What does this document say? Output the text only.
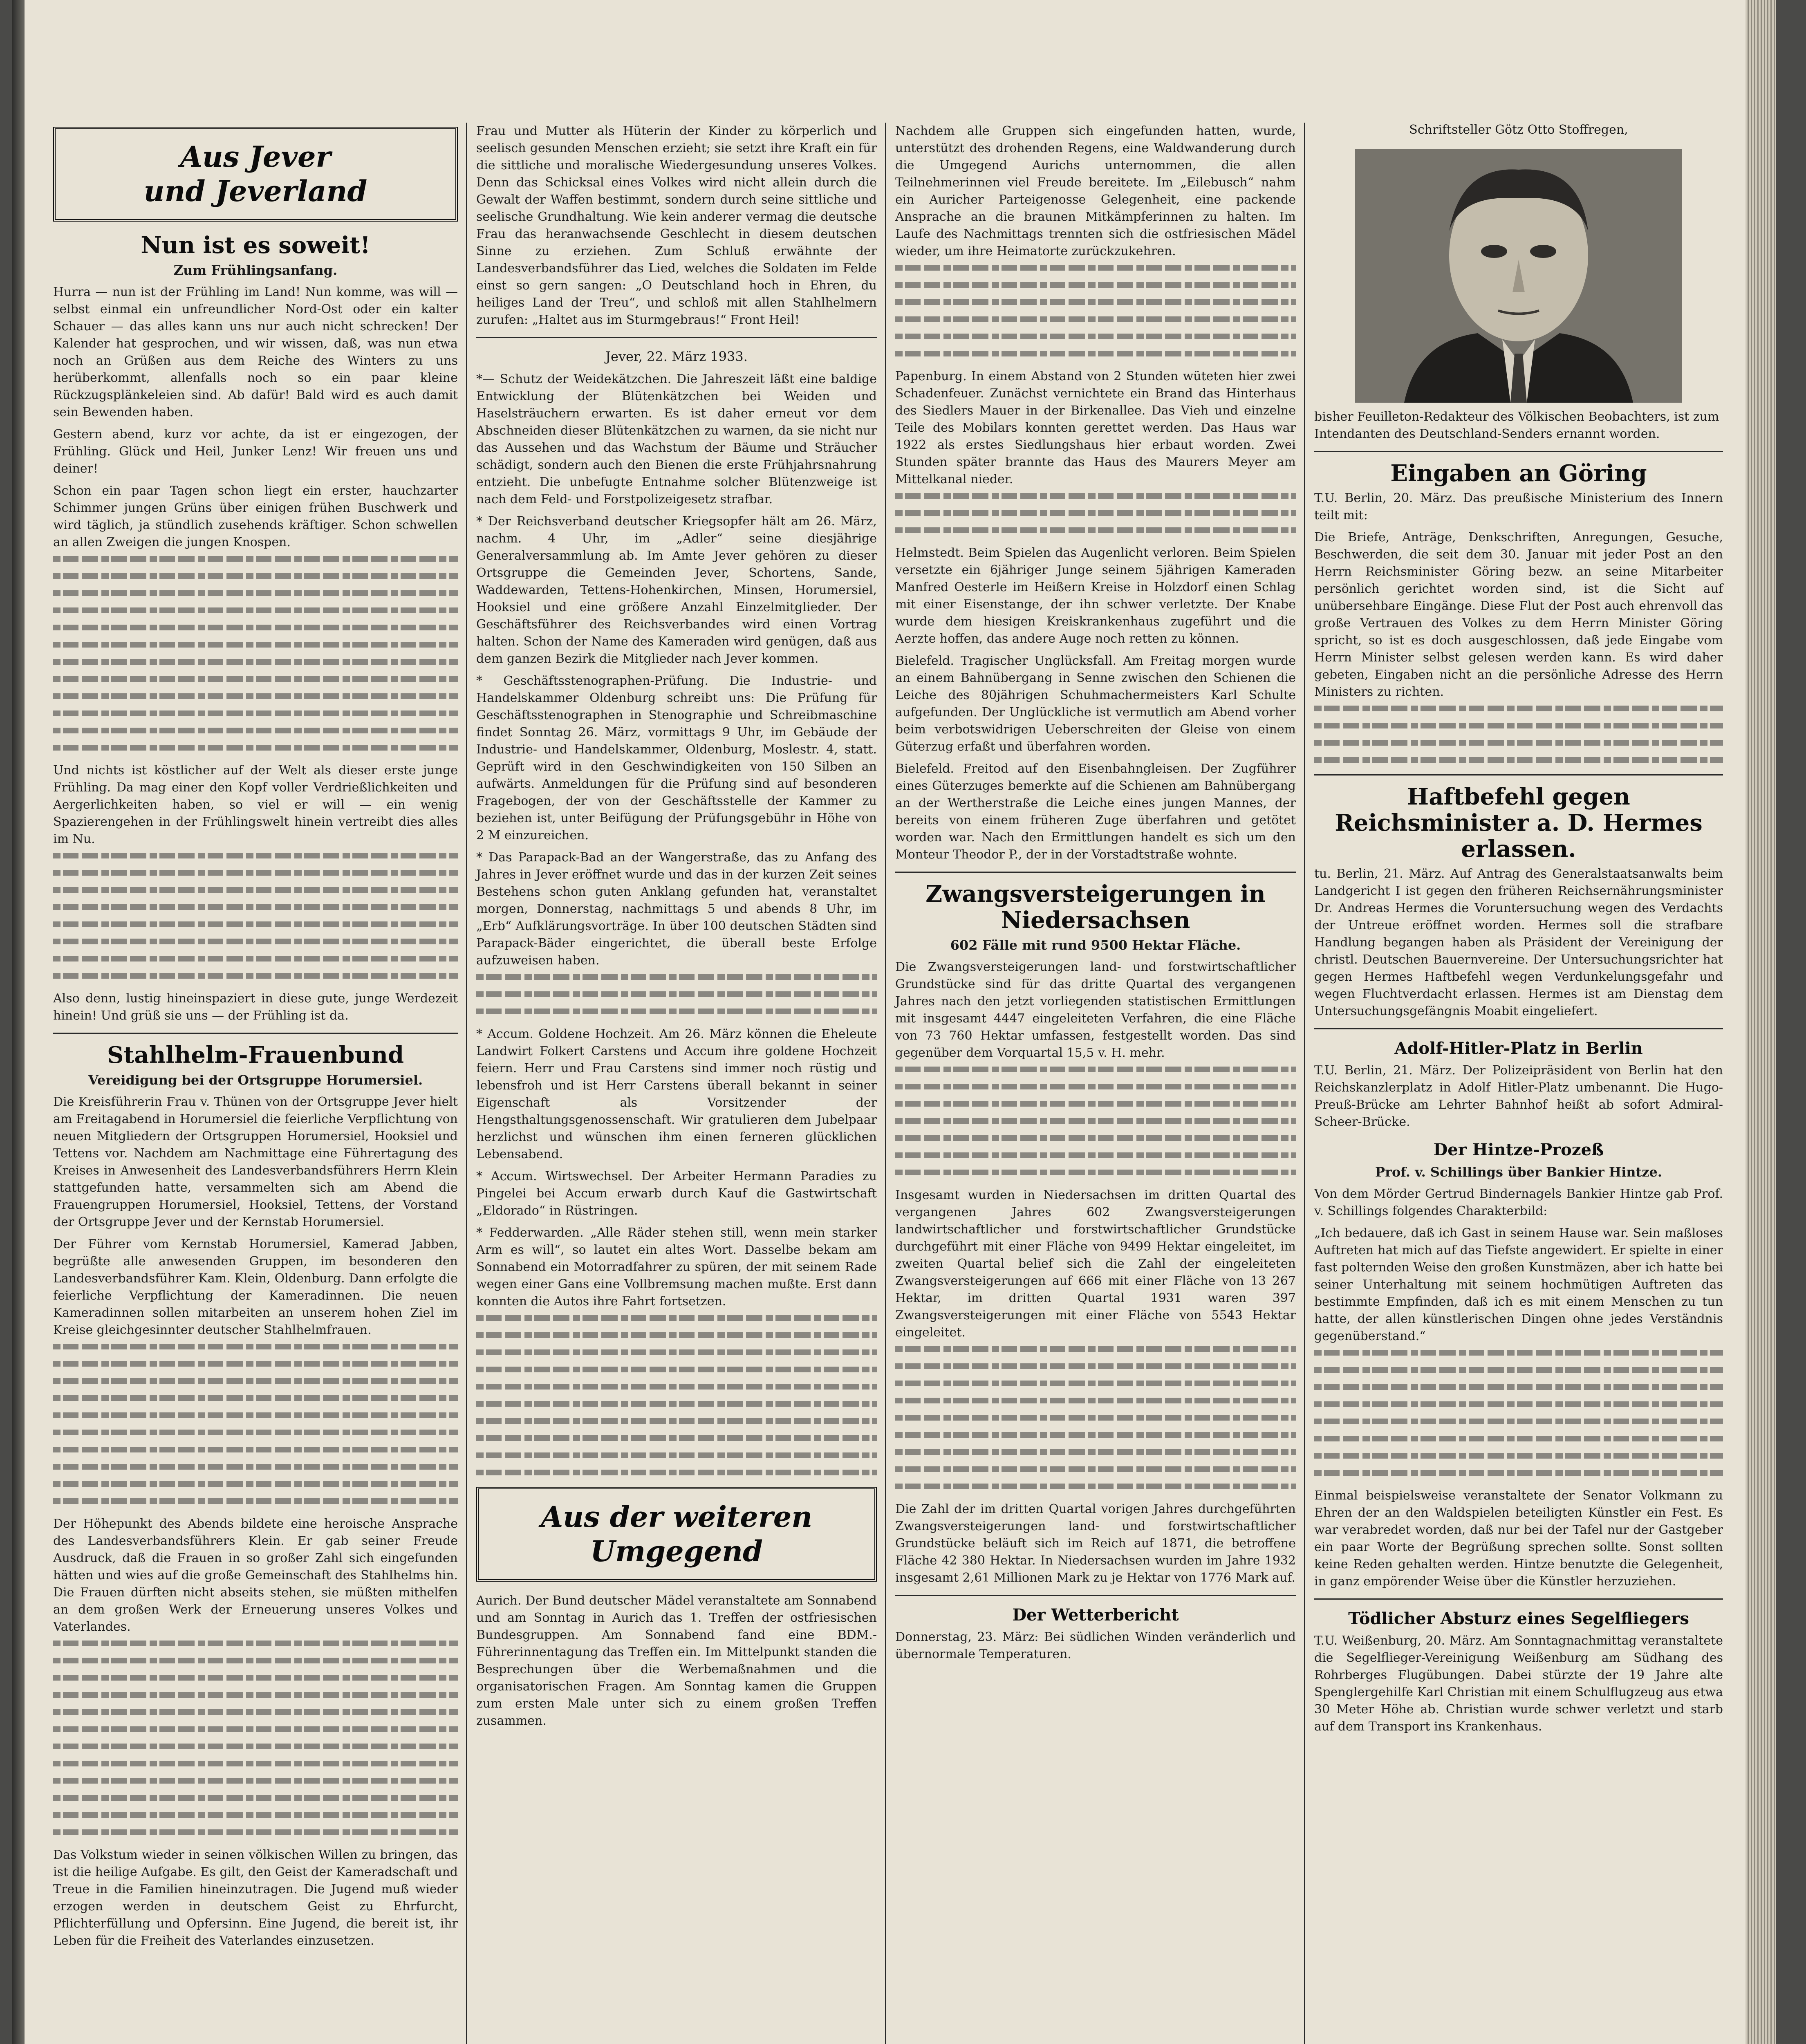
Aus Jever
und Jeverland
Nun ist es soweit!
Zum Frühlingsanfang.

Hurra — nun ist der Frühling im Land! Nun komme, was will — selbst einmal ein unfreundlicher Nord-Ost oder ein kalter Schauer — das alles kann uns nur auch nicht schrecken! Der Kalender hat gesprochen, und wir wissen, daß, was nun etwa noch an Grüßen aus dem Reiche des Winters zu uns herüberkommt, allenfalls noch so ein paar kleine Rückzugsplänkeleien sind. Ab dafür! Bald wird es auch damit sein Bewenden haben.

Gestern abend, kurz vor achte, da ist er eingezogen, der Frühling. Glück und Heil, Junker Lenz! Wir freuen uns und deiner!

Schon ein paar Tagen schon liegt ein erster, hauchzarter Schimmer jungen Grüns über einigen frühen Buschwerk und wird täglich, ja stündlich zusehends kräftiger. Schon schwellen an allen Zweigen die jungen Knospen.

Und nichts ist köstlicher auf der Welt als dieser erste junge Frühling. Da mag einer den Kopf voller Verdrießlichkeiten und Aergerlichkeiten haben, so viel er will — ein wenig Spazierengehen in der Frühlingswelt hinein vertreibt dies alles im Nu.

Also denn, lustig hineinspaziert in diese gute, junge Werdezeit hinein! Und grüß sie uns — der Frühling ist da.

Stahlhelm-Frauenbund
Vereidigung bei der Ortsgruppe Horumersiel.

Die Kreisführerin Frau v. Thünen von der Ortsgruppe Jever hielt am Freitagabend in Horumersiel die feierliche Verpflichtung von neuen Mitgliedern der Ortsgruppen Horumersiel, Hooksiel und Tettens vor. Nachdem am Nachmittage eine Führertagung des Kreises in Anwesenheit des Landesverbandsführers Herrn Klein stattgefunden hatte, versammelten sich am Abend die Frauengruppen Horumersiel, Hooksiel, Tettens, der Vorstand der Ortsgruppe Jever und der Kernstab Horumersiel.

Der Führer vom Kernstab Horumersiel, Kamerad Jabben, begrüßte alle anwesenden Gruppen, im besonderen den Landesverbandsführer Kam. Klein, Oldenburg. Dann erfolgte die feierliche Verpflichtung der Kameradinnen. Die neuen Kameradinnen sollen mitarbeiten an unserem hohen Ziel im Kreise gleichgesinnter deutscher Stahlhelmfrauen.

Der Höhepunkt des Abends bildete eine heroische Ansprache des Landesverbandsführers Klein. Er gab seiner Freude Ausdruck, daß die Frauen in so großer Zahl sich eingefunden hätten und wies auf die große Gemeinschaft des Stahlhelms hin. Die Frauen dürften nicht abseits stehen, sie müßten mithelfen an dem großen Werk der Erneuerung unseres Volkes und Vaterlandes.

Das Volkstum wieder in seinen völkischen Willen zu bringen, das ist die heilige Aufgabe. Es gilt, den Geist der Kameradschaft und Treue in die Familien hineinzutragen. Die Jugend muß wieder erzogen werden in deutschem Geist zu Ehrfurcht, Pflichterfüllung und Opfersinn. Eine Jugend, die bereit ist, ihr Leben für die Freiheit des Vaterlandes einzusetzen.

Frau und Mutter als Hüterin der Kinder zu körperlich und seelisch gesunden Menschen erzieht; sie setzt ihre Kraft ein für die sittliche und moralische Wiedergesundung unseres Volkes. Denn das Schicksal eines Volkes wird nicht allein durch die Gewalt der Waffen bestimmt, sondern durch seine sittliche und seelische Grundhaltung. Wie kein anderer vermag die deutsche Frau das heranwachsende Geschlecht in diesem deutschen Sinne zu erziehen. Zum Schluß erwähnte der Landesverbandsführer das Lied, welches die Soldaten im Felde einst so gern sangen: „O Deutschland hoch in Ehren, du heiliges Land der Treu“, und schloß mit allen Stahlhelmern zurufen: „Haltet aus im Sturmgebraus!“ Front Heil!

Jever, 22. März 1933.

*— Schutz der Weidekätzchen. Die Jahreszeit läßt eine baldige Entwicklung der Blütenkätzchen bei Weiden und Haselsträuchern erwarten. Es ist daher erneut vor dem Abschneiden dieser Blütenkätzchen zu warnen, da sie nicht nur das Aussehen und das Wachstum der Bäume und Sträucher schädigt, sondern auch den Bienen die erste Frühjahrsnahrung entzieht. Die unbefugte Entnahme solcher Blütenzweige ist nach dem Feld- und Forstpolizeigesetz strafbar.

* Der Reichsverband deutscher Kriegsopfer hält am 26. März, nachm. 4 Uhr, im „Adler“ seine diesjährige Generalversammlung ab. Im Amte Jever gehören zu dieser Ortsgruppe die Gemeinden Jever, Schortens, Sande, Waddewarden, Tettens-Hohenkirchen, Minsen, Horumersiel, Hooksiel und eine größere Anzahl Einzelmitglieder. Der Geschäftsführer des Reichsverbandes wird einen Vortrag halten. Schon der Name des Kameraden wird genügen, daß aus dem ganzen Bezirk die Mitglieder nach Jever kommen.

* Geschäftsstenographen-Prüfung. Die Industrie- und Handelskammer Oldenburg schreibt uns: Die Prüfung für Geschäftsstenographen in Stenographie und Schreibmaschine findet Sonntag 26. März, vormittags 9 Uhr, im Gebäude der Industrie- und Handelskammer, Oldenburg, Moslestr. 4, statt. Geprüft wird in den Geschwindigkeiten von 150 Silben an aufwärts. Anmeldungen für die Prüfung sind auf besonderen Fragebogen, der von der Geschäftsstelle der Kammer zu beziehen ist, unter Beifügung der Prüfungsgebühr in Höhe von 2 M einzureichen.

* Das Parapack-Bad an der Wangerstraße, das zu Anfang des Jahres in Jever eröffnet wurde und das in der kurzen Zeit seines Bestehens schon guten Anklang gefunden hat, veranstaltet morgen, Donnerstag, nachmittags 5 und abends 8 Uhr, im „Erb“ Aufklärungsvorträge. In über 100 deutschen Städten sind Parapack-Bäder eingerichtet, die überall beste Erfolge aufzuweisen haben.

* Accum. Goldene Hochzeit. Am 26. März können die Eheleute Landwirt Folkert Carstens und Accum ihre goldene Hochzeit feiern. Herr und Frau Carstens sind immer noch rüstig und lebensfroh und ist Herr Carstens überall bekannt in seiner Eigenschaft als Vorsitzender der Hengsthaltungsgenossenschaft. Wir gratulieren dem Jubelpaar herzlichst und wünschen ihm einen ferneren glücklichen Lebensabend.

* Accum. Wirtswechsel. Der Arbeiter Hermann Paradies zu Pingelei bei Accum erwarb durch Kauf die Gastwirtschaft „Eldorado“ in Rüstringen.

* Fedderwarden. „Alle Räder stehen still, wenn mein starker Arm es will“, so lautet ein altes Wort. Dasselbe bekam am Sonnabend ein Motorradfahrer zu spüren, der mit seinem Rade wegen einer Gans eine Vollbremsung machen mußte. Erst dann konnten die Autos ihre Fahrt fortsetzen.

Aus der weiteren
Umgegend

Aurich. Der Bund deutscher Mädel veranstaltete am Sonnabend und am Sonntag in Aurich das 1. Treffen der ostfriesischen Bundesgruppen. Am Sonnabend fand eine BDM.-Führerinnentagung das Treffen ein. Im Mittelpunkt standen die Besprechungen über die Werbemaßnahmen und die organisatorischen Fragen. Am Sonntag kamen die Gruppen zum ersten Male unter sich zu einem großen Treffen zusammen.

Nachdem alle Gruppen sich eingefunden hatten, wurde, unterstützt des drohenden Regens, eine Waldwanderung durch die Umgegend Aurichs unternommen, die allen Teilnehmerinnen viel Freude bereitete. Im „Eilebusch“ nahm ein Auricher Parteigenosse Gelegenheit, eine packende Ansprache an die braunen Mitkämpferinnen zu halten. Im Laufe des Nachmittags trennten sich die ostfriesischen Mädel wieder, um ihre Heimatorte zurückzukehren.

Papenburg. In einem Abstand von 2 Stunden wüteten hier zwei Schadenfeuer. Zunächst vernichtete ein Brand das Hinterhaus des Siedlers Mauer in der Birkenallee. Das Vieh und einzelne Teile des Mobilars konnten gerettet werden. Das Haus war 1922 als erstes Siedlungshaus hier erbaut worden. Zwei Stunden später brannte das Haus des Maurers Meyer am Mittelkanal nieder.

Helmstedt. Beim Spielen das Augenlicht verloren. Beim Spielen versetzte ein 6jähriger Junge seinem 5jährigen Kameraden Manfred Oesterle im Heißern Kreise in Holzdorf einen Schlag mit einer Eisenstange, der ihn schwer verletzte. Der Knabe wurde dem hiesigen Kreiskrankenhaus zugeführt und die Aerzte hoffen, das andere Auge noch retten zu können.

Bielefeld. Tragischer Unglücksfall. Am Freitag morgen wurde an einem Bahnübergang in Senne zwischen den Schienen die Leiche des 80jährigen Schuhmachermeisters Karl Schulte aufgefunden. Der Unglückliche ist vermutlich am Abend vorher beim verbotswidrigen Ueberschreiten der Gleise von einem Güterzug erfaßt und überfahren worden.

Bielefeld. Freitod auf den Eisenbahngleisen. Der Zugführer eines Güterzuges bemerkte auf die Schienen am Bahnübergang an der Wertherstraße die Leiche eines jungen Mannes, der bereits von einem früheren Zuge überfahren und getötet worden war. Nach den Ermittlungen handelt es sich um den Monteur Theodor P., der in der Vorstadtstraße wohnte.

Zwangsversteigerungen in Niedersachsen
602 Fälle mit rund 9500 Hektar Fläche.

Die Zwangsversteigerungen land- und forstwirtschaftlicher Grundstücke sind für das dritte Quartal des vergangenen Jahres nach den jetzt vorliegenden statistischen Ermittlungen mit insgesamt 4447 eingeleiteten Verfahren, die eine Fläche von 73 760 Hektar umfassen, festgestellt worden. Das sind gegenüber dem Vorquartal 15,5 v. H. mehr.

Insgesamt wurden in Niedersachsen im dritten Quartal des vergangenen Jahres 602 Zwangsversteigerungen landwirtschaftlicher und forstwirtschaftlicher Grundstücke durchgeführt mit einer Fläche von 9499 Hektar eingeleitet, im zweiten Quartal belief sich die Zahl der eingeleiteten Zwangsversteigerungen auf 666 mit einer Fläche von 13 267 Hektar, im dritten Quartal 1931 waren 397 Zwangsversteigerungen mit einer Fläche von 5543 Hektar eingeleitet.

Die Zahl der im dritten Quartal vorigen Jahres durchgeführten Zwangsversteigerungen land- und forstwirtschaftlicher Grundstücke beläuft sich im Reich auf 1871, die betroffene Fläche 42 380 Hektar. In Niedersachsen wurden im Jahre 1932 insgesamt 2,61 Millionen Mark zu je Hektar von 1776 Mark auf.

Der Wetterbericht

Donnerstag, 23. März: Bei südlichen Winden veränderlich und übernormale Temperaturen.

Schriftsteller Götz Otto Stoffregen,
bisher Feuilleton-Redakteur des Völkischen Beobachters, ist zum Intendanten des Deutschland-Senders ernannt worden.
Eingaben an Göring

T.U. Berlin, 20. März. Das preußische Ministerium des Innern teilt mit:

Die Briefe, Anträge, Denkschriften, Anregungen, Gesuche, Beschwerden, die seit dem 30. Januar mit jeder Post an den Herrn Reichsminister Göring bezw. an seine Mitarbeiter persönlich gerichtet worden sind, ist die Sicht auf unübersehbare Eingänge. Diese Flut der Post auch ehrenvoll das große Vertrauen des Volkes zu dem Herrn Minister Göring spricht, so ist es doch ausgeschlossen, daß jede Eingabe vom Herrn Minister selbst gelesen werden kann. Es wird daher gebeten, Eingaben nicht an die persönliche Adresse des Herrn Ministers zu richten.

Haftbefehl gegen Reichsminister a. D. Hermes erlassen.

tu. Berlin, 21. März. Auf Antrag des Generalstaatsanwalts beim Landgericht I ist gegen den früheren Reichsernährungsminister Dr. Andreas Hermes die Voruntersuchung wegen des Verdachts der Untreue eröffnet worden. Hermes soll die strafbare Handlung begangen haben als Präsident der Vereinigung der christl. Deutschen Bauernvereine. Der Untersuchungsrichter hat gegen Hermes Haftbefehl wegen Verdunkelungsgefahr und wegen Fluchtverdacht erlassen. Hermes ist am Dienstag dem Untersuchungsgefängnis Moabit eingeliefert.

Adolf-Hitler-Platz in Berlin

T.U. Berlin, 21. März. Der Polizeipräsident von Berlin hat den Reichskanzlerplatz in Adolf Hitler-Platz umbenannt. Die Hugo-Preuß-Brücke am Lehrter Bahnhof heißt ab sofort Admiral-Scheer-Brücke.

Der Hintze-Prozeß
Prof. v. Schillings über Bankier Hintze.

Von dem Mörder Gertrud Bindernagels Bankier Hintze gab Prof. v. Schillings folgendes Charakterbild:

„Ich bedauere, daß ich Gast in seinem Hause war. Sein maßloses Auftreten hat mich auf das Tiefste angewidert. Er spielte in einer fast polternden Weise den großen Kunstmäzen, aber ich hatte bei seiner Unterhaltung mit seinem hochmütigen Auftreten das bestimmte Empfinden, daß ich es mit einem Menschen zu tun hatte, der allen künstlerischen Dingen ohne jedes Verständnis gegenüberstand.“

Einmal beispielsweise veranstaltete der Senator Volkmann zu Ehren der an den Waldspielen beteiligten Künstler ein Fest. Es war verabredet worden, daß nur bei der Tafel nur der Gastgeber ein paar Worte der Begrüßung sprechen sollte. Sonst sollten keine Reden gehalten werden. Hintze benutzte die Gelegenheit, in ganz empörender Weise über die Künstler herzuziehen.

Tödlicher Absturz eines Segelfliegers

T.U. Weißenburg, 20. März. Am Sonntagnachmittag veranstaltete die Segelflieger-Vereinigung Weißenburg am Südhang des Rohrberges Flugübungen. Dabei stürzte der 19 Jahre alte Spenglergehilfe Karl Christian mit einem Schulflugzeug aus etwa 30 Meter Höhe ab. Christian wurde schwer verletzt und starb auf dem Transport ins Krankenhaus.
